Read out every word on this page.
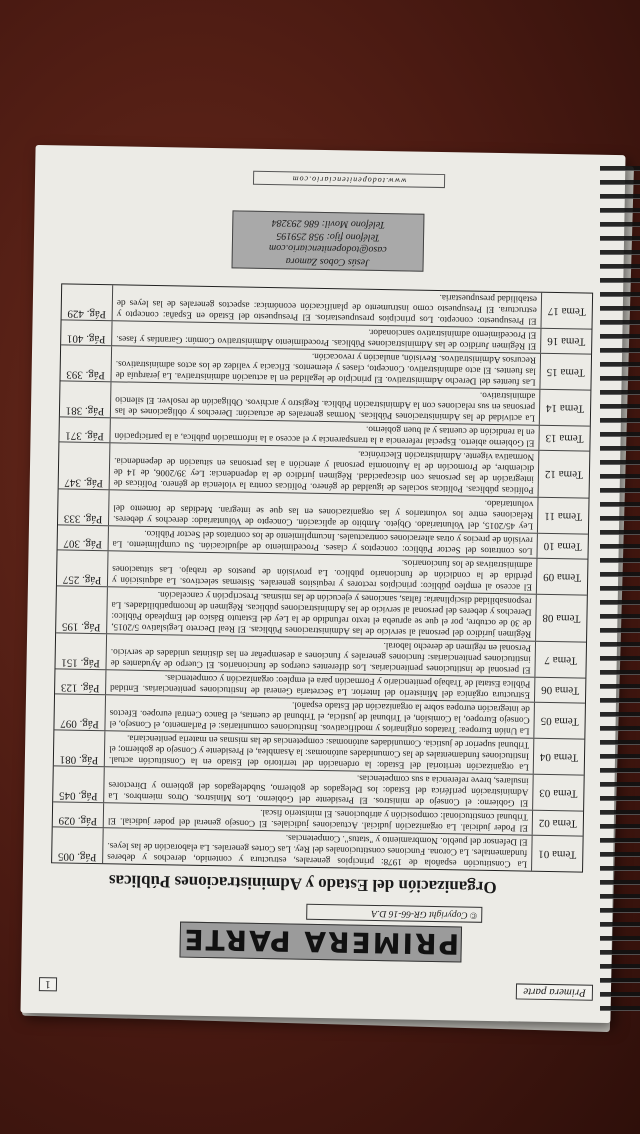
Primera parte
1
PRIMERA PARTE
© Copyright GR-66-16 D.A
Organización del Estado y Administraciones Públicas
Tema 01
La Constitución española de 1978: principios generales, estructura y contenido, derechos y deberes fundamentales. La Corona. Funciones constitucionales del Rey. Las Cortes generales. La elaboración de las leyes. El Defensor del pueblo. Nombramiento y "status". Competencias.
Pág. 005
Tema 02
El Poder judicial. La organización judicial. Actuaciones judiciales. El Consejo general del poder judicial. El Tribunal constitucional: composición y atribuciones. El ministerio fiscal.
Pág. 029
Tema 03
El Gobierno: el Consejo de ministros. El Presidente del Gobierno. Los Ministros. Otros miembros. La Administración periférica del Estado: los Delegados de gobierno, Subdelegados del gobierno y Directores insulares, breve referencia a sus competencias.
Pág. 045
Tema 04
La organización territorial del Estado: la ordenación del territorio del Estado en la Constitución actual. Instituciones fundamentales de las Comunidades autónomas: la Asamblea, el Presidente y Consejo de gobierno; el Tribunal superior de justicia. Comunidades autónomas: competencias de las mismas en materia penitenciaria.
Pág. 081
Tema 05
La Unión Europea: Tratados originarios y modificativos. Instituciones comunitarias: el Parlamento, el Consejo, el Consejo Europeo, la Comisión, el Tribunal de justicia, el Tribunal de cuentas, el Banco Central europeo. Efectos de integración europea sobre la organización del Estado español.
Pág. 097
Tema 06
Estructura orgánica del Ministerio del Interior. La Secretaría General de Instituciones penitenciarias. Entidad Pública Estatal de Trabajo penitenciario y Formación para el empleo: organización y competencias.
Pág. 123
Tema 7
El personal de instituciones penitenciarias. Los diferentes cuerpos de funcionarios. El Cuerpo de Ayudantes de instituciones penitenciarias: funciones generales y funciones a desempeñar en las distintas unidades de servicio. Personal en régimen de derecho laboral.
Pág. 151
Tema 08
Régimen jurídico del personal al servicio de las Administraciones Públicas. El Real Decreto Legislativo 5/2015, de 30 de octubre, por el que se aprueba el texto refundido de la Ley del Estatuto Básico del Empleado Público: Derechos y deberes del personal al servicio de las Administraciones públicas. Régimen de Incompatibilidades. La responsabilidad disciplinaria: faltas, sanciones y ejecución de las mismas. Prescripción y cancelación.
Pág. 195
Tema 09
El acceso al empleo público: principios rectores y requisitos generales. Sistemas selectivos. La adquisición y pérdida de la condición de funcionario público. La provisión de puestos de trabajo. Las situaciones administrativas de los funcionarios.
Pág. 257
Tema 10
Los contratos del Sector Público: conceptos y clases. Procedimiento de adjudicación. Su cumplimiento. La revisión de precios y otras alteraciones contractuales. Incumplimiento de los contratos del Sector Público.
Pág. 307
Tema 11
Ley 45/2015, del Voluntariado. Objeto. Ámbito de aplicación. Concepto de Voluntariado: derechos y deberes. Relaciones entre los voluntarios y las organizaciones en las que se integran. Medidas de fomento del voluntariado.
Pág. 333
Tema 12
Políticas públicas. Políticas sociales de igualdad de género. Políticas contra la violencia de género. Políticas de integración de las personas con discapacidad. Régimen jurídico de la dependencia: Ley 39/2006, de 14 de diciembre, de Promoción de la Autonomía personal y atención a las personas en situación de dependencia. Normativa vigente. Administración Electrónica.
Pág. 347
Tema 13
El Gobierno abierto. Especial referencia a la transparencia y el acceso a la información pública, a la participación en la rendición de cuentas y al buen gobierno.
Pág. 371
Tema 14
La actividad de las Administraciones Públicas. Normas generales de actuación: Derechos y obligaciones de las personas en sus relaciones con la Administración Pública. Registro y archivos. Obligación de resolver. El silencio administrativo.
Pág. 381
Tema 15
Las fuentes del Derecho Administrativo. El principio de legalidad en la actuación administrativa. La jerarquía de las fuentes. El acto administrativo. Concepto, clases y elementos. Eficacia y validez de los actos administrativos. Recursos Administrativos. Revisión, anulación y revocación.
Pág. 393
Tema 16
El Régimen Jurídico de las Administraciones Públicas. Procedimiento Administrativo Común: Garantías y fases. El Procedimiento administrativo sancionador.
Pág. 401
Tema 17
El Presupuesto: concepto. Los principios presupuestarios. El Presupuesto del Estado en España: concepto y estructura. El Presupuesto como instrumento de planificación económica: aspectos generales de las leyes de estabilidad presupuestaria.
Pág. 429
Jesús Cobos Zamora
caso@todopenitenciario.com
Teléfono fijo: 958 259195
Teléfono Movil: 686 293284
www.todopenitenciario.com
